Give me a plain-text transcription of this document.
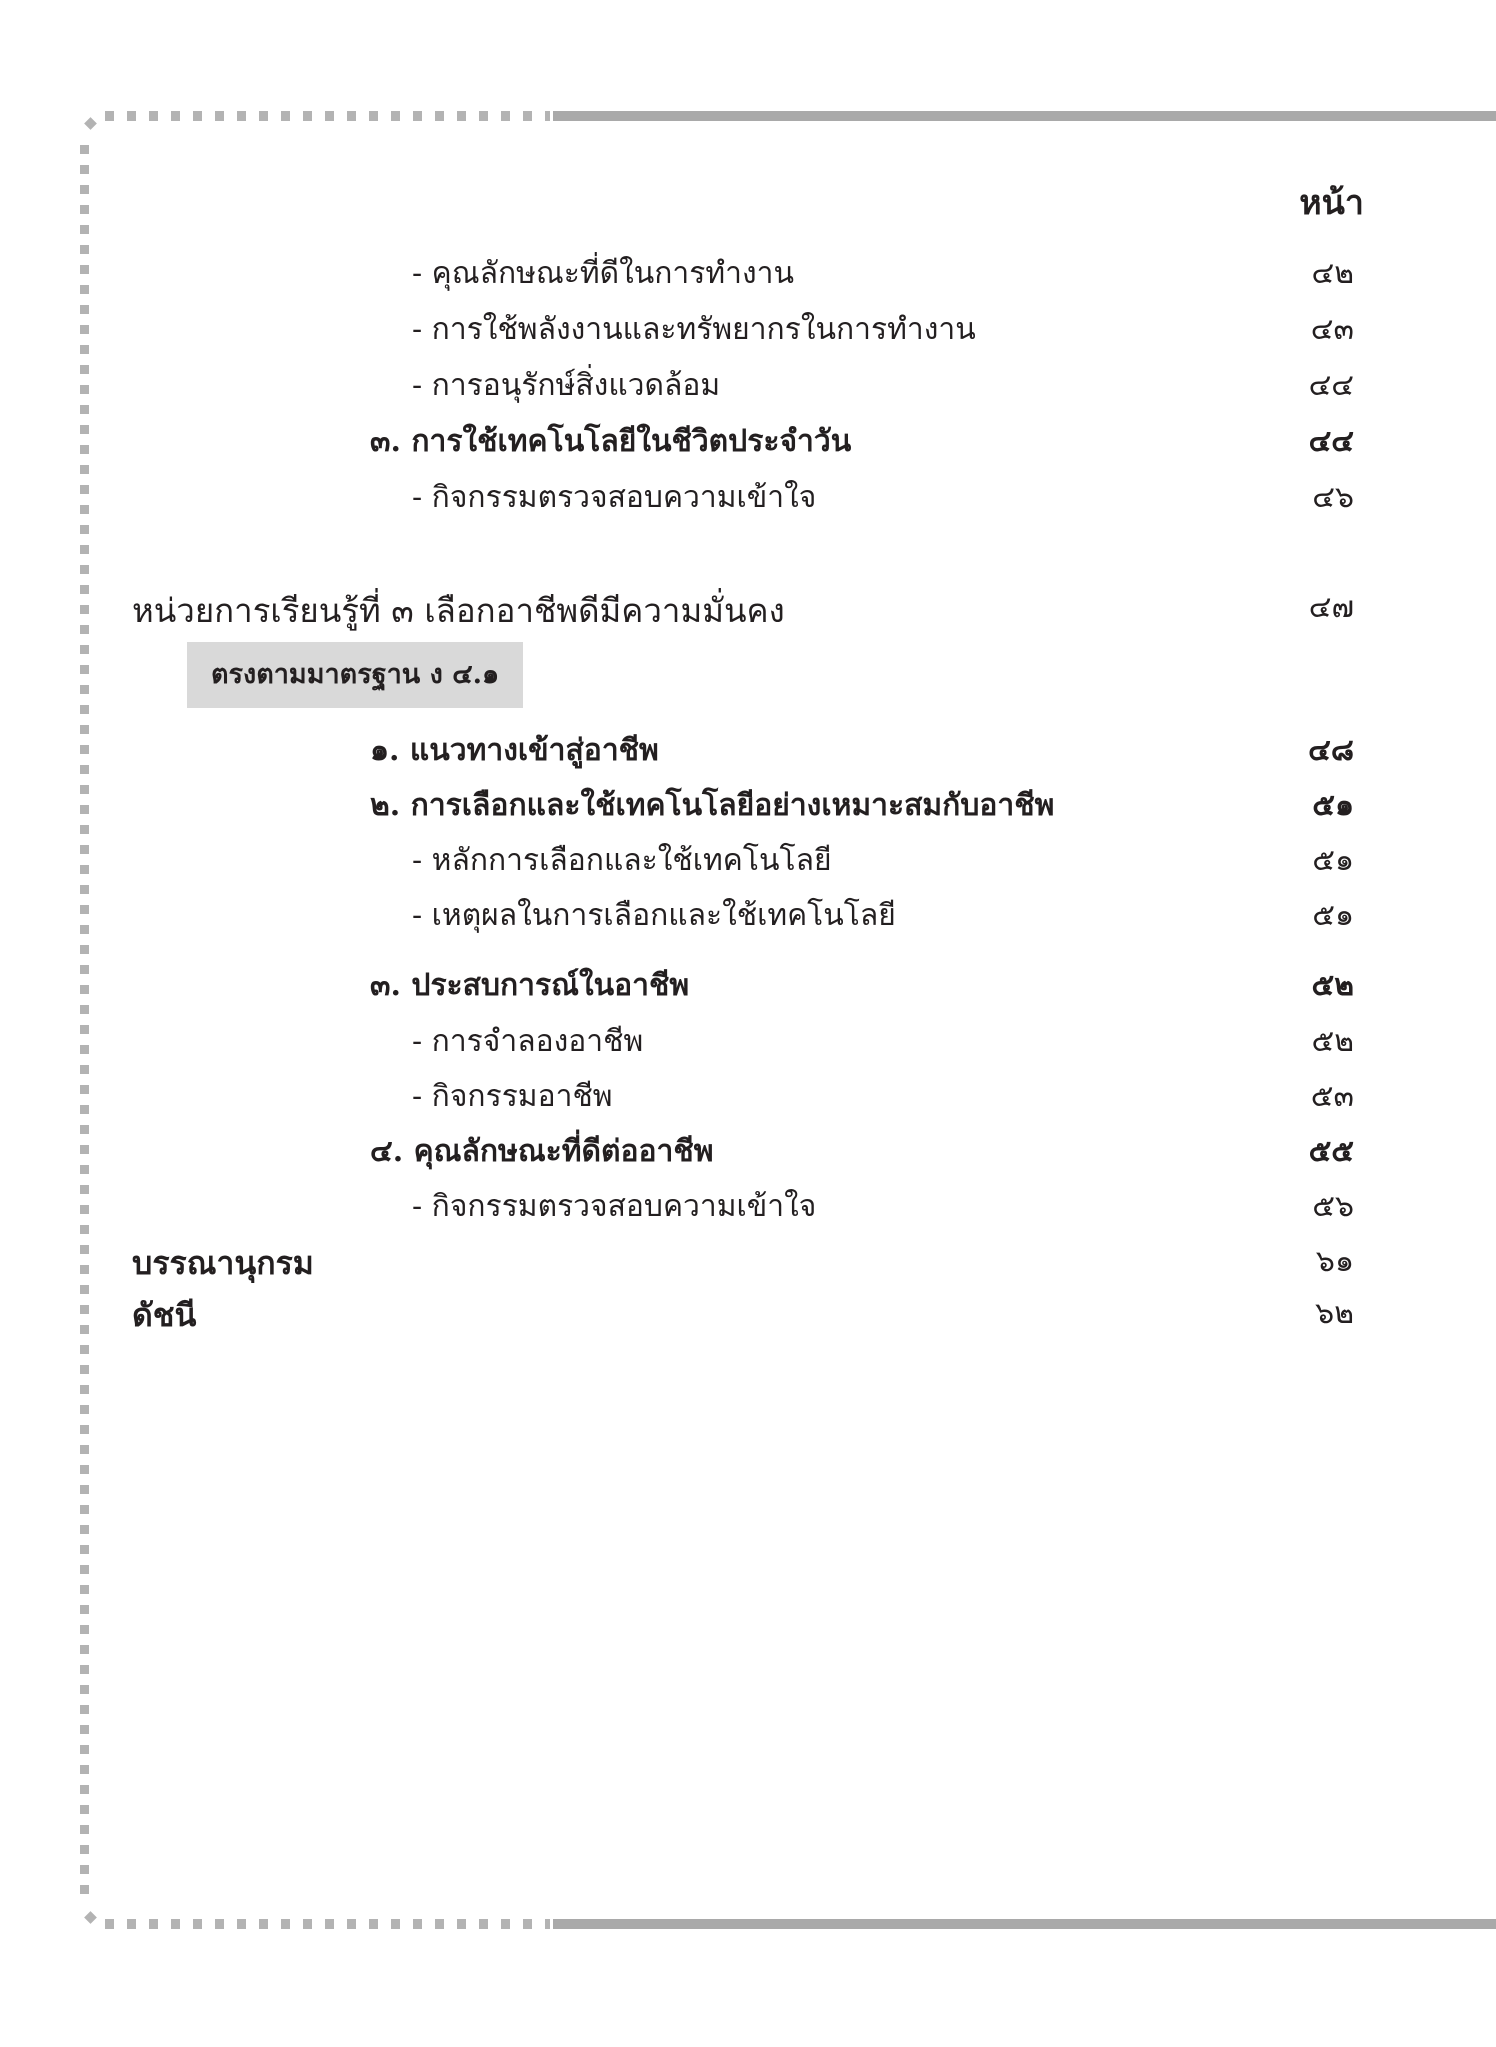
หน้า
- คุณลักษณะที่ดีในการทำงาน	๔๒
- การใช้พลังงานและทรัพยากรในการทำงาน	๔๓
- การอนุรักษ์สิ่งแวดล้อม	๔๔
๓. การใช้เทคโนโลยีในชีวิตประจำวัน	๔๔
- กิจกรรมตรวจสอบความเข้าใจ	๔๖
หน่วยการเรียนรู้ที่ ๓ เลือกอาชีพดีมีความมั่นคง	๔๗
ตรงตามมาตรฐาน ง ๔.๑
๑. แนวทางเข้าสู่อาชีพ	๔๘
๒. การเลือกและใช้เทคโนโลยีอย่างเหมาะสมกับอาชีพ	๕๑
- หลักการเลือกและใช้เทคโนโลยี	๕๑
- เหตุผลในการเลือกและใช้เทคโนโลยี	๕๑
๓. ประสบการณ์ในอาชีพ	๕๒
- การจำลองอาชีพ	๕๒
- กิจกรรมอาชีพ	๕๓
๔. คุณลักษณะที่ดีต่ออาชีพ	๕๕
- กิจกรรมตรวจสอบความเข้าใจ	๕๖
บรรณานุกรม	๖๑
ดัชนี	๖๒
